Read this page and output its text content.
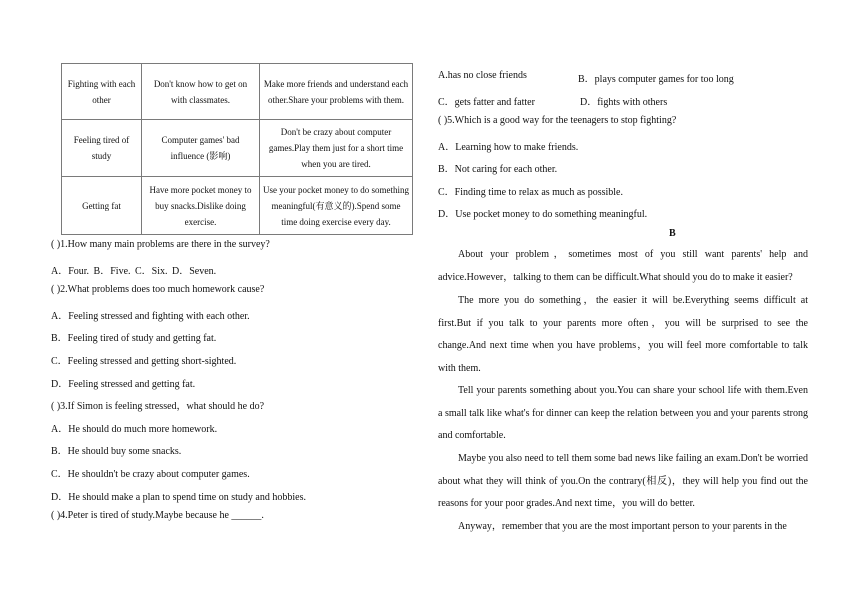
Fighting with each other	Don't know how to get on with classmates.	Make more friends and understand each other.Share your problems with them.
Feeling tired of study	Computer games' bad influence (影响)	Don't be crazy about computer games.Play them just for a short time when you are tired.
Getting fat	Have more pocket money to buy snacks.Dislike doing exercise.	Use your pocket money to do something meaningful(有意义的).Spend some time doing exercise every day.
( )1.How many main problems are there in the survey?
A．Four. B．Five. C．Six. D．Seven.
( )2.What problems does too much homework cause?
A．Feeling stressed and fighting with each other.
B．Feeling tired of study and getting fat.
C．Feeling stressed and getting short-sighted.
D．Feeling stressed and getting fat.
( )3.If Simon is feeling stressed，what should he do?
A．He should do much more homework.
B．He should buy some snacks.
C．He shouldn't be crazy about computer games.
D．He should make a plan to spend time on study and hobbies.
( )4.Peter is tired of study.Maybe because he ______.
A.has no close friends	B．plays computer games for too long
C．gets fatter and fatter	D．fights with others
( )5.Which is a good way for the teenagers to stop fighting?
A．Learning how to make friends.
B．Not caring for each other.
C．Finding time to relax as much as possible.
D．Use pocket money to do something meaningful.
B
About your problem，sometimes most of you still want parents' help and advice.However，talking to them can be difficult.What should you do to make it easier?
The more you do something，the easier it will be.Everything seems difficult at first.But if you talk to your parents more often，you will be surprised to see the change.And next time when you have problems，you will feel more comfortable to talk with them.
Tell your parents something about you.You can share your school life with them.Even a small talk like what's for dinner can keep the relation between you and your parents strong and comfortable.
Maybe you also need to tell them some bad news like failing an exam.Don't be worried about what they will think of you.On the contrary(相反)，they will help you find out the reasons for your poor grades.And next time，you will do better.
Anyway，remember that you are the most important person to your parents in the
